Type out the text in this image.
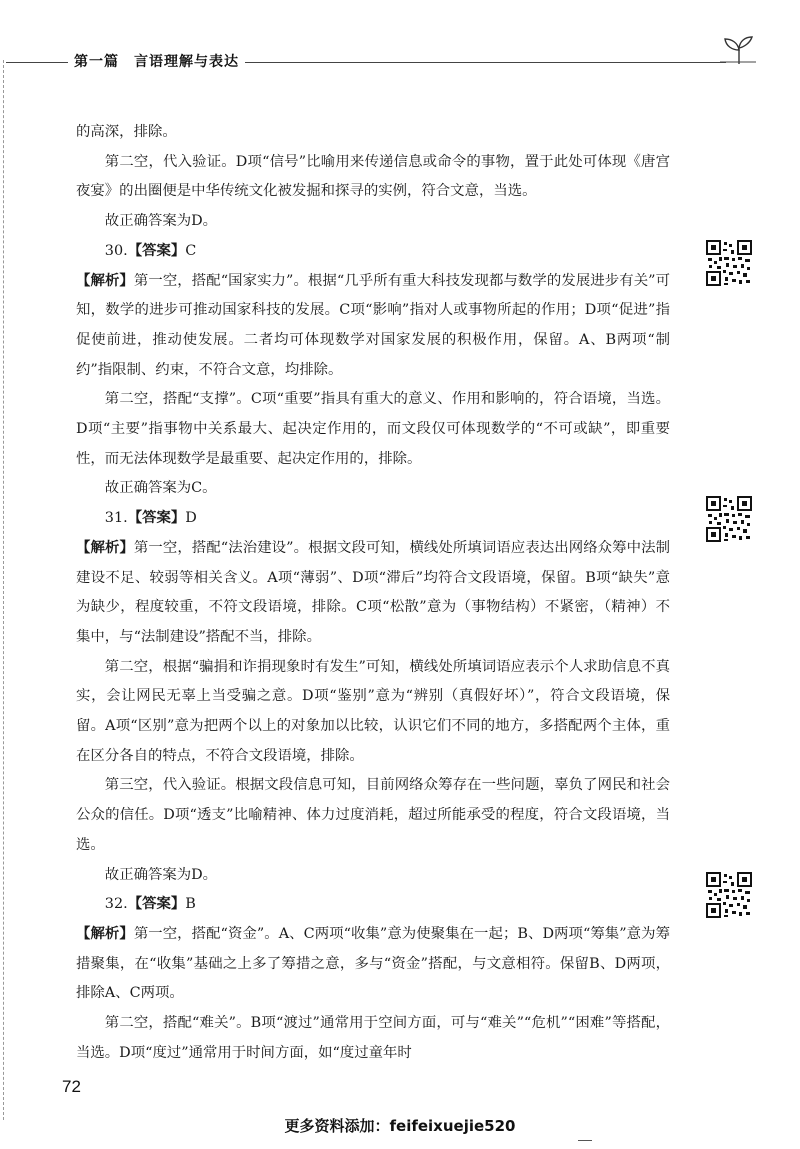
第一篇　言语理解与表达

的高深，排除。

第二空，代入验证。D项“信号”比喻用来传递信息或命令的事物，置于此处可体现《唐宫夜宴》的出圈便是中华传统文化被发掘和探寻的实例，符合文意，当选。

故正确答案为D。

30.【答案】C

【解析】第一空，搭配“国家实力”。根据“几乎所有重大科技发现都与数学的发展进步有关”可知，数学的进步可推动国家科技的发展。C项“影响”指对人或事物所起的作用；D项“促进”指促使前进，推动使发展。二者均可体现数学对国家发展的积极作用，保留。A、B两项“制约”指限制、约束，不符合文意，均排除。

第二空，搭配“支撑”。C项“重要”指具有重大的意义、作用和影响的，符合语境，当选。D项“主要”指事物中关系最大、起决定作用的，而文段仅可体现数学的“不可或缺”，即重要性，而无法体现数学是最重要、起决定作用的，排除。

故正确答案为C。

31.【答案】D

【解析】第一空，搭配“法治建设”。根据文段可知，横线处所填词语应表达出网络众筹中法制建设不足、较弱等相关含义。A项“薄弱”、D项“滞后”均符合文段语境，保留。B项“缺失”意为缺少，程度较重，不符文段语境，排除。C项“松散”意为（事物结构）不紧密，（精神）不集中，与“法制建设”搭配不当，排除。

第二空，根据“骗捐和诈捐现象时有发生”可知，横线处所填词语应表示个人求助信息不真实，会让网民无辜上当受骗之意。D项“鉴别”意为“辨别（真假好坏）”，符合文段语境，保留。A项“区别”意为把两个以上的对象加以比较，认识它们不同的地方，多搭配两个主体，重在区分各自的特点，不符合文段语境，排除。

第三空，代入验证。根据文段信息可知，目前网络众筹存在一些问题，辜负了网民和社会公众的信任。D项“透支”比喻精神、体力过度消耗，超过所能承受的程度，符合文段语境，当选。

故正确答案为D。

32.【答案】B

【解析】第一空，搭配“资金”。A、C两项“收集”意为使聚集在一起；B、D两项“筹集”意为筹措聚集，在“收集”基础之上多了筹措之意，多与“资金”搭配，与文意相符。保留B、D两项，排除A、C两项。

第二空，搭配“难关”。B项“渡过”通常用于空间方面，可与“难关”“危机”“困难”等搭配，当选。D项“度过”通常用于时间方面，如“度过童年时

72
更多资料添加：feifeixuejie520
